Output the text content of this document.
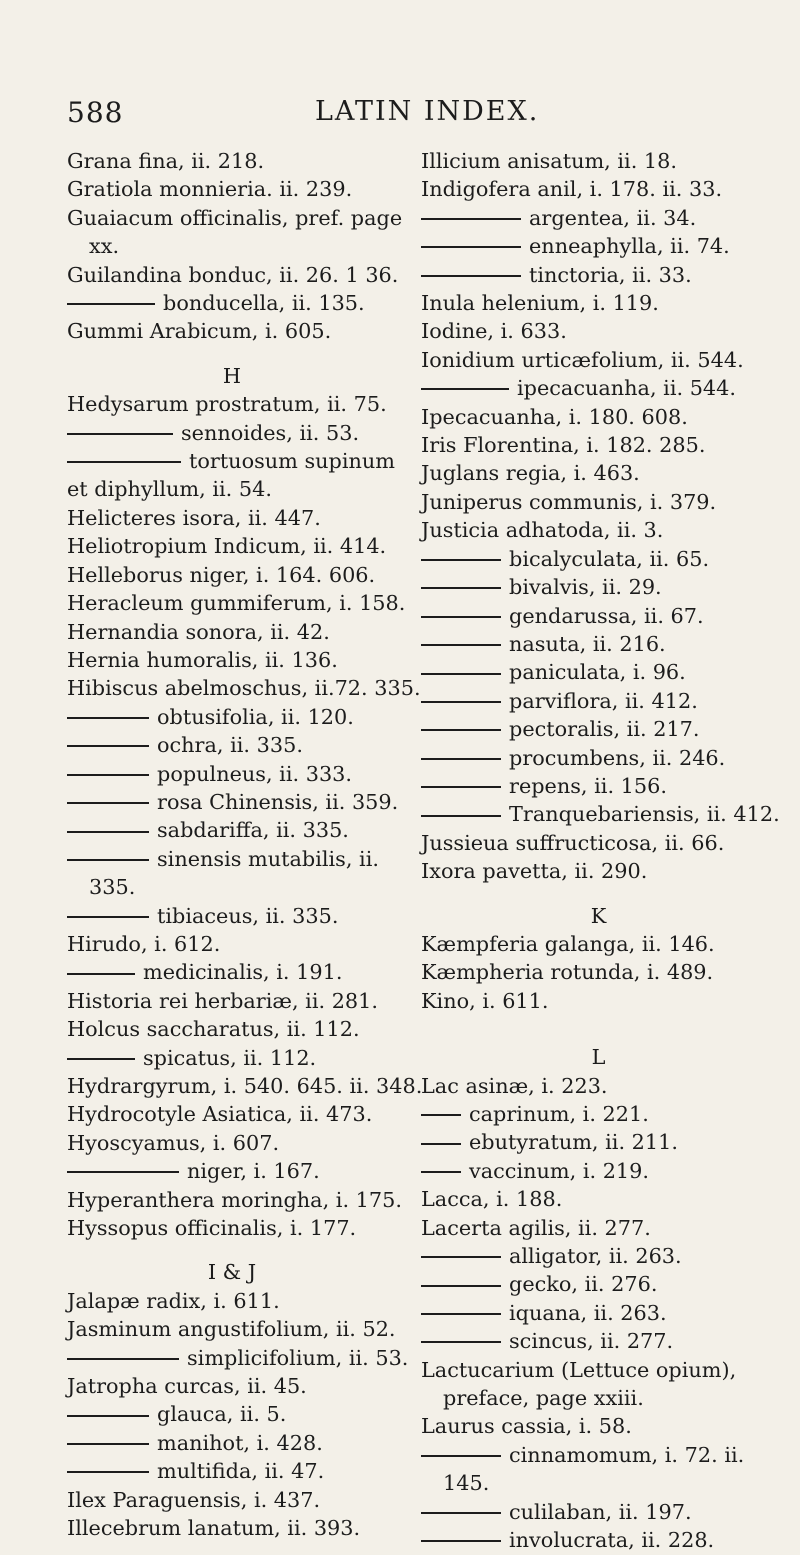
588	LATIN INDEX.
Grana fina, ii. 218.
Gratiola monnieria. ii. 239.
Guaiacum officinalis, pref. page
xx.
Guilandina bonduc, ii. 26. 1 36.
bonducella, ii. 135.
Gummi Arabicum, i. 605.
H
Hedysarum prostratum, ii. 75.
sennoides, ii. 53.
tortuosum supinum
et diphyllum, ii. 54.
Helicteres isora, ii. 447.
Heliotropium Indicum, ii. 414.
Helleborus niger, i. 164. 606.
Heracleum gummiferum, i. 158.
Hernandia sonora, ii. 42.
Hernia humoralis, ii. 136.
Hibiscus abelmoschus, ii.72. 335.
obtusifolia, ii. 120.
ochra, ii. 335.
populneus, ii. 333.
rosa Chinensis, ii. 359.
sabdariffa, ii. 335.
sinensis mutabilis, ii.
335.
tibiaceus, ii. 335.
Hirudo, i. 612.
medicinalis, i. 191.
Historia rei herbariæ, ii. 281.
Holcus saccharatus, ii. 112.
spicatus, ii. 112.
Hydrargyrum, i. 540. 645. ii. 348.
Hydrocotyle Asiatica, ii. 473.
Hyoscyamus, i. 607.
niger, i. 167.
Hyperanthera moringha, i. 175.
Hyssopus officinalis, i. 177.
I & J
Jalapæ radix, i. 611.
Jasminum angustifolium, ii. 52.
simplicifolium, ii. 53.
Jatropha curcas, ii. 45.
glauca, ii. 5.
manihot, i. 428.
multifida, ii. 47.
Ilex Paraguensis, i. 437.
Illecebrum lanatum, ii. 393.
Illicium anisatum, ii. 18.
Indigofera anil, i. 178. ii. 33.
argentea, ii. 34.
enneaphylla, ii. 74.
tinctoria, ii. 33.
Inula helenium, i. 119.
Iodine, i. 633.
Ionidium urticæfolium, ii. 544.
ipecacuanha, ii. 544.
Ipecacuanha, i. 180. 608.
Iris Florentina, i. 182. 285.
Juglans regia, i. 463.
Juniperus communis, i. 379.
Justicia adhatoda, ii. 3.
bicalyculata, ii. 65.
bivalvis, ii. 29.
gendarussa, ii. 67.
nasuta, ii. 216.
paniculata, i. 96.
parviflora, ii. 412.
pectoralis, ii. 217.
procumbens, ii. 246.
repens, ii. 156.
Tranquebariensis, ii. 412.
Jussieua suffructicosa, ii. 66.
Ixora pavetta, ii. 290.
K
Kæmpferia galanga, ii. 146.
Kæmpheria rotunda, i. 489.
Kino, i. 611.
L
Lac asinæ, i. 223.
caprinum, i. 221.
ebutyratum, ii. 211.
vaccinum, i. 219.
Lacca, i. 188.
Lacerta agilis, ii. 277.
alligator, ii. 263.
gecko, ii. 276.
iquana, ii. 263.
scincus, ii. 277.
Lactucarium (Lettuce opium),
preface, page xxiii.
Laurus cassia, i. 58.
cinnamomum, i. 72. ii.
145.
culilaban, ii. 197.
involucrata, ii. 228.
